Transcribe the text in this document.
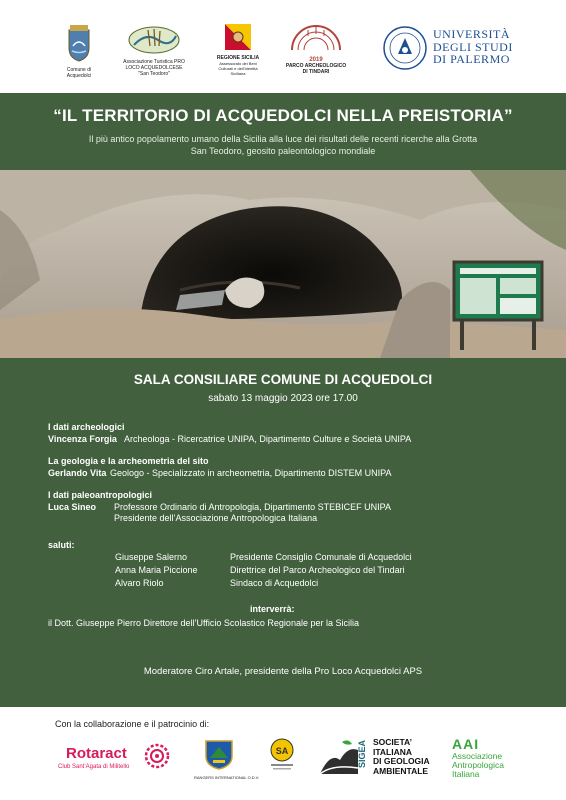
Comune di Acquedolci
Associazione Turistica PRO LOCO ACQUEDOLCESE "San Teodoro"
REGIONE SICILIA
Assessorato dei Beni Culturali e dell'Identità Siciliana
2019
PARCO ARCHEOLOGICO DI TINDARI
UNIVERSITÀ
DEGLI STUDI
DI PALERMO
“IL TERRITORIO DI ACQUEDOLCI NELLA PREISTORIA”
Il più antico popolamento umano della Sicilia alla luce dei risultati delle recenti ricerche alla Grotta San Teodoro, geosito paleontologico mondiale
SALA CONSILIARE COMUNE DI ACQUEDOLCI
sabato 13 maggio 2023 ore 17.00
I dati archeologici
Vincenza Forgia Archeologa - Ricercatrice UNIPA, Dipartimento Culture e Società UNIPA
La geologia e la archeometria del sito
Gerlando Vita Geologo - Specializzato in archeometria, Dipartimento DISTEM UNIPA
I dati paleoantropologici
Luca Sineo Professore Ordinario di Antropologia, Dipartimento STEBICEF UNIPA
Presidente dell’Associazione Antropologica Italiana
saluti:
Giuseppe Salerno	Presidente Consiglio Comunale di Acquedolci
Anna Maria Piccione	Direttrice del Parco Archeologico del Tindari
Alvaro Riolo	Sindaco di Acquedolci
interverrà:
il Dott. Giuseppe Pierro Direttore dell’Ufficio Scolastico Regionale per la Sicilia
Moderatore Ciro Artale, presidente della Pro Loco Acquedolci APS
Con la collaborazione e il patrocinio di:
Rotaract
Club Sant’Agata di Militello
RANGERS INTERNATIONAL O.D.V.
SA	SIGEA SOCIETA’
ITALIANA
DI GEOLOGIA
AMBIENTALE
AAI
Associazione
Antropologica
Italiana
